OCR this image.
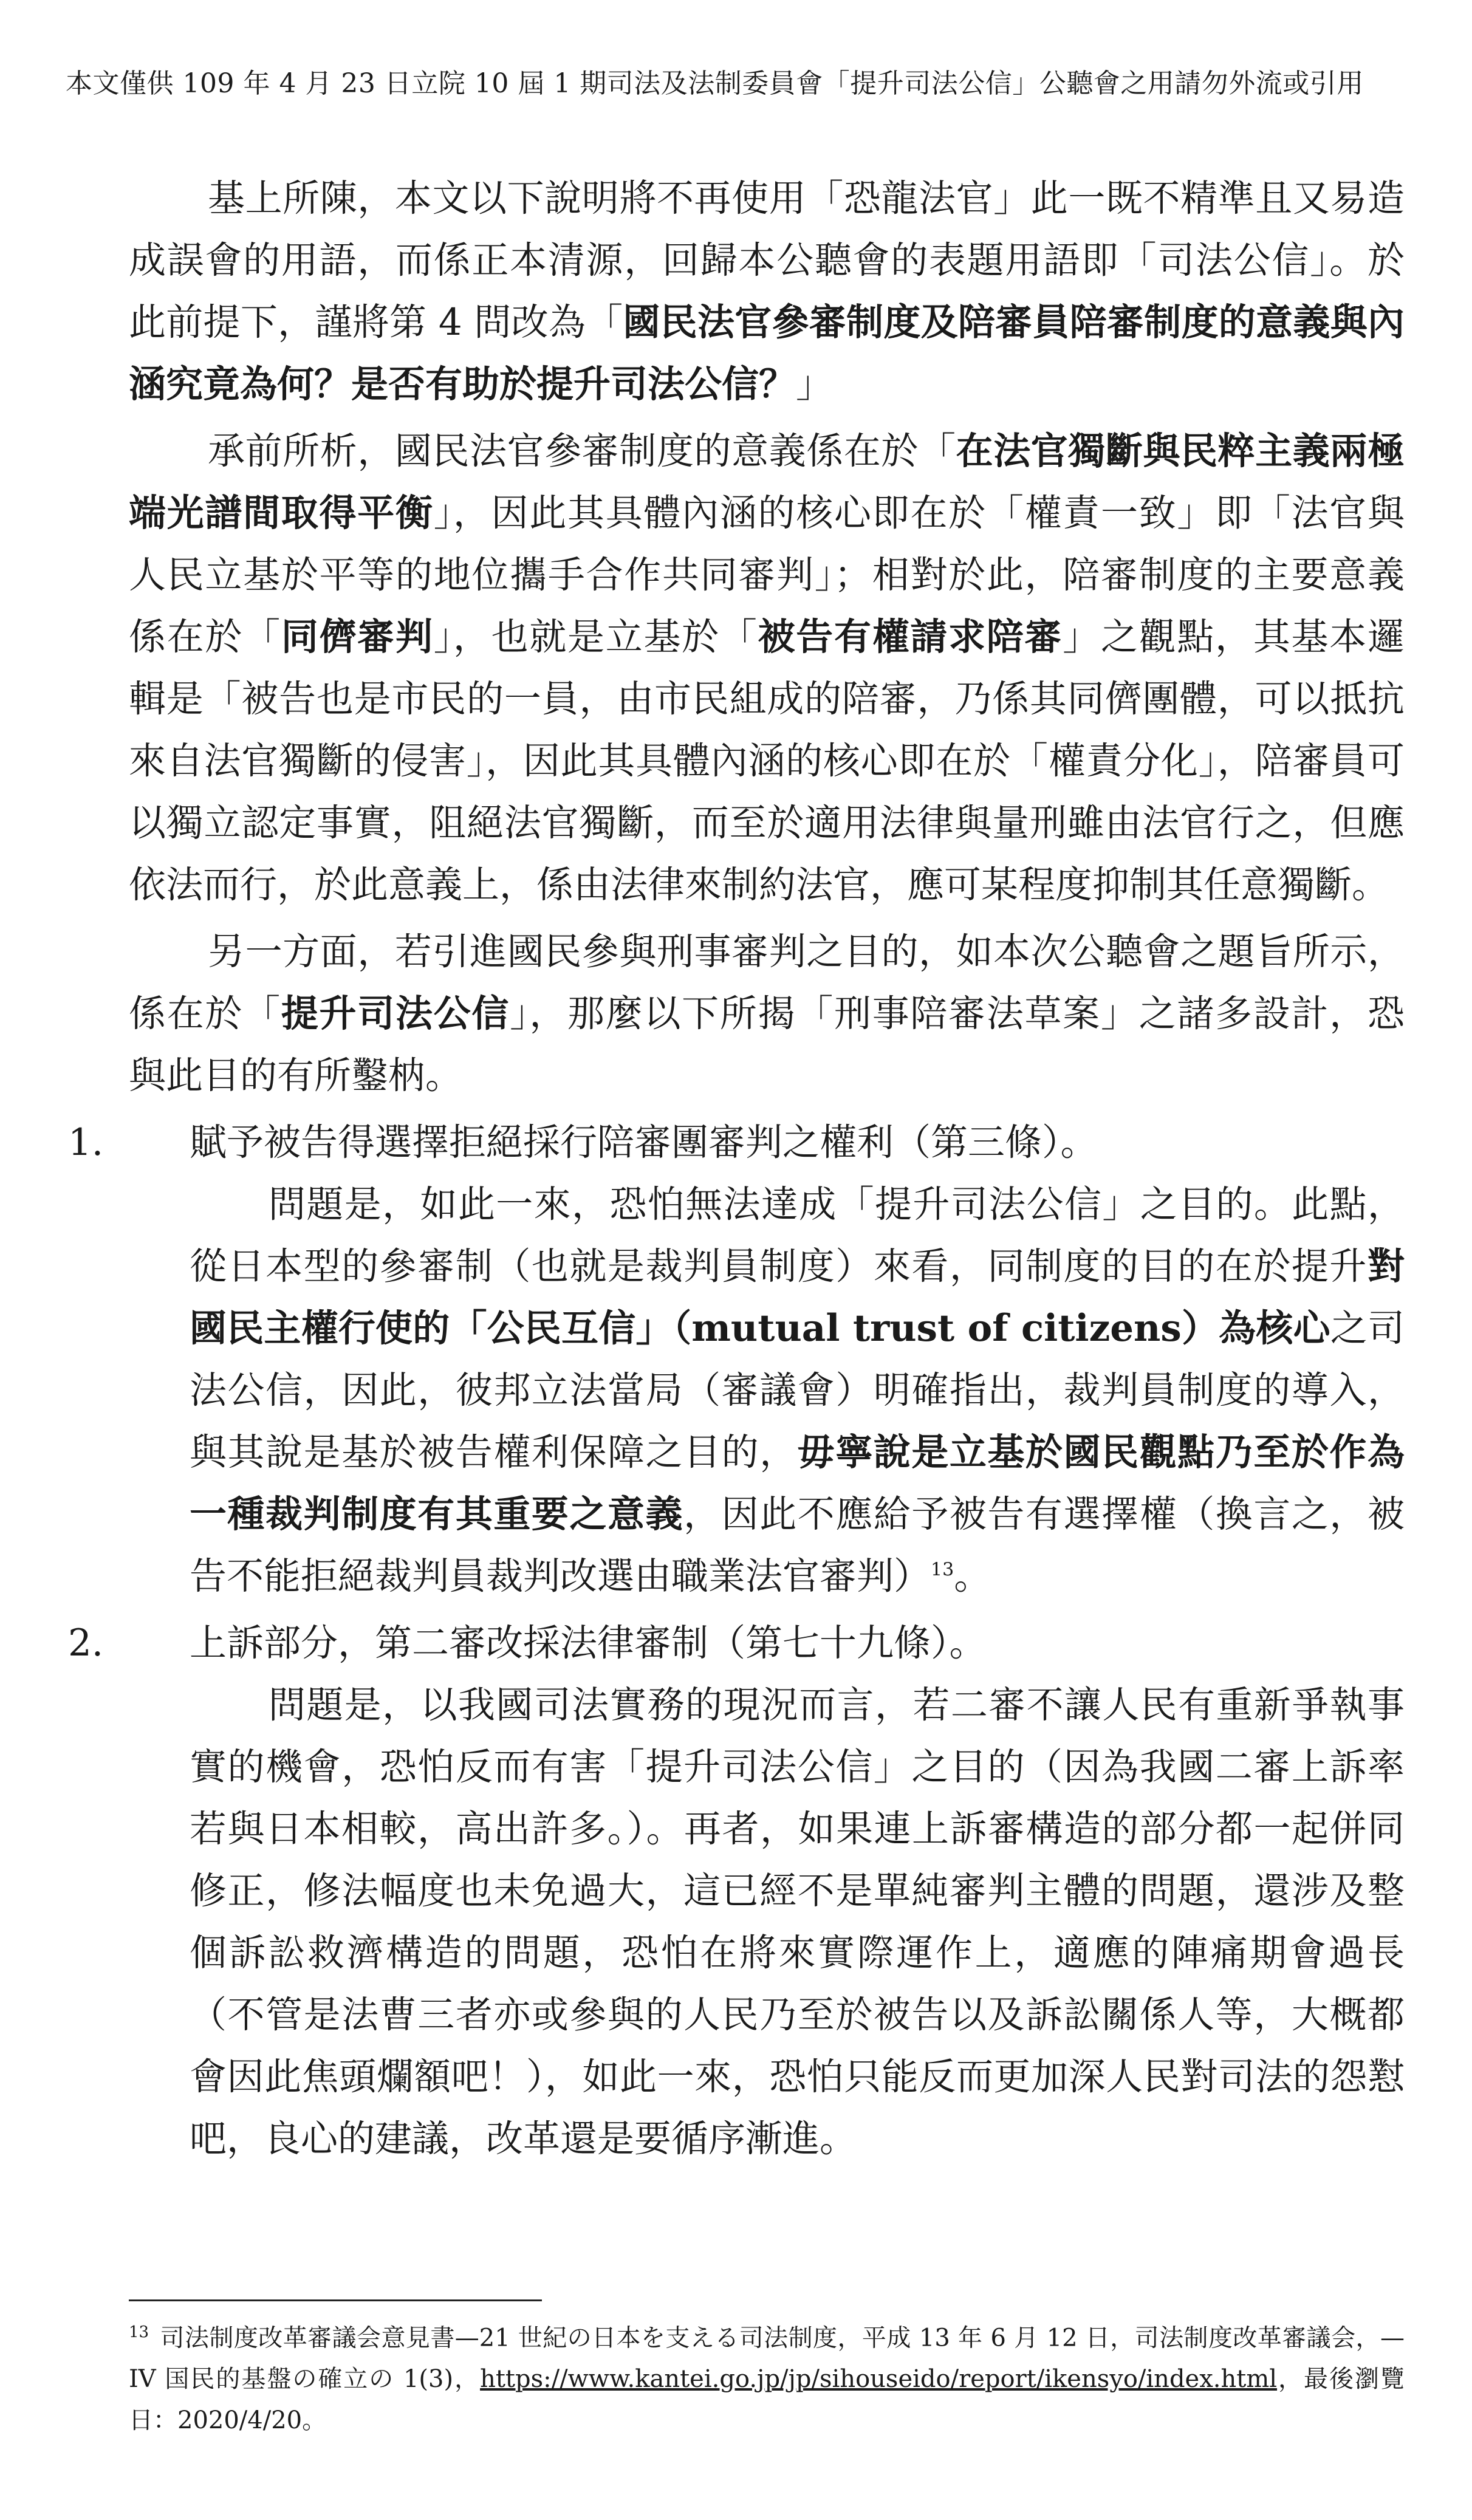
本文僅供 109 年 4 月 23 日立院 10 屆 1 期司法及法制委員會「提升司法公信」公聽會之用請勿外流或引用

基上所陳，本文以下說明將不再使用「恐龍法官」此一既不精準且又易造成誤會的用語，而係正本清源，回歸本公聽會的表題用語即「司法公信」。於此前提下，謹將第 4 問改為「國民法官參審制度及陪審員陪審制度的意義與內涵究竟為何？是否有助於提升司法公信？」

承前所析，國民法官參審制度的意義係在於「在法官獨斷與民粹主義兩極端光譜間取得平衡」，因此其具體內涵的核心即在於「權責一致」即「法官與人民立基於平等的地位攜手合作共同審判」；相對於此，陪審制度的主要意義係在於「同儕審判」，也就是立基於「被告有權請求陪審」之觀點，其基本邏輯是「被告也是市民的一員，由市民組成的陪審，乃係其同儕團體，可以抵抗來自法官獨斷的侵害」，因此其具體內涵的核心即在於「權責分化」，陪審員可以獨立認定事實，阻絕法官獨斷，而至於適用法律與量刑雖由法官行之，但應依法而行，於此意義上，係由法律來制約法官，應可某程度抑制其任意獨斷。

另一方面，若引進國民參與刑事審判之目的，如本次公聽會之題旨所示，係在於「提升司法公信」，那麼以下所揭「刑事陪審法草案」之諸多設計，恐與此目的有所鑿枘。

1. 賦予被告得選擇拒絕採行陪審團審判之權利（第三條）。

問題是，如此一來，恐怕無法達成「提升司法公信」之目的。此點，從日本型的參審制（也就是裁判員制度）來看，同制度的目的在於提升對國民主權行使的「公民互信」（mutual trust of citizens）為核心之司法公信，因此，彼邦立法當局（審議會）明確指出，裁判員制度的導入，與其說是基於被告權利保障之目的，毋寧說是立基於國民觀點乃至於作為一種裁判制度有其重要之意義，因此不應給予被告有選擇權（換言之，被告不能拒絕裁判員裁判改選由職業法官審判）$^{13}$。

2. 上訴部分，第二審改採法律審制（第七十九條）。

問題是，以我國司法實務的現況而言，若二審不讓人民有重新爭執事實的機會，恐怕反而有害「提升司法公信」之目的（因為我國二審上訴率若與日本相較，高出許多。）。再者，如果連上訴審構造的部分都一起併同修正，修法幅度也未免過大，這已經不是單純審判主體的問題，還涉及整個訴訟救濟構造的問題，恐怕在將來實際運作上，適應的陣痛期會過長（不管是法曹三者亦或參與的人民乃至於被告以及訴訟關係人等，大概都會因此焦頭爛額吧！），如此一來，恐怕只能反而更加深人民對司法的怨懟吧，良心的建議，改革還是要循序漸進。

$^{13}$ 司法制度改革審議会意見書—21 世紀の日本を支える司法制度，平成 13 年 6 月 12 日，司法制度改革審議会，—IV 国民的基盤の確立の 1(3)，https://www.kantei.go.jp/jp/sihouseido/report/ikensyo/index.html，最後瀏覽日：2020/4/20。
